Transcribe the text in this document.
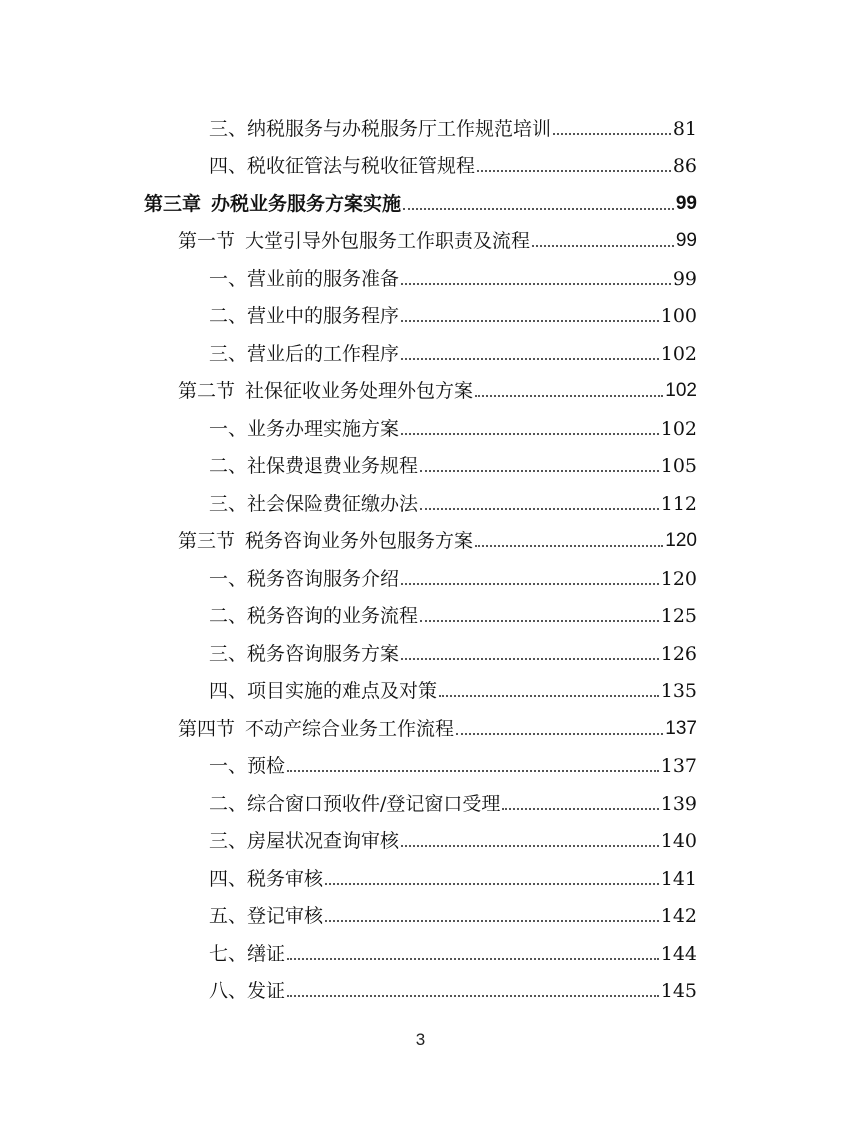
三、纳税服务与办税服务厅工作规范培训	81
四、税收征管法与税收征管规程	86
第三章 办税业务服务方案实施	99
第一节 大堂引导外包服务工作职责及流程	99
一、营业前的服务准备	99
二、营业中的服务程序	100
三、营业后的工作程序	102
第二节 社保征收业务处理外包方案	102
一、业务办理实施方案	102
二、社保费退费业务规程	105
三、社会保险费征缴办法	112
第三节 税务咨询业务外包服务方案	120
一、税务咨询服务介绍	120
二、税务咨询的业务流程	125
三、税务咨询服务方案	126
四、项目实施的难点及对策	135
第四节 不动产综合业务工作流程	137
一、预检	137
二、综合窗口预收件/登记窗口受理	139
三、房屋状况查询审核	140
四、税务审核	141
五、登记审核	142
七、缮证	144
八、发证	145
3
